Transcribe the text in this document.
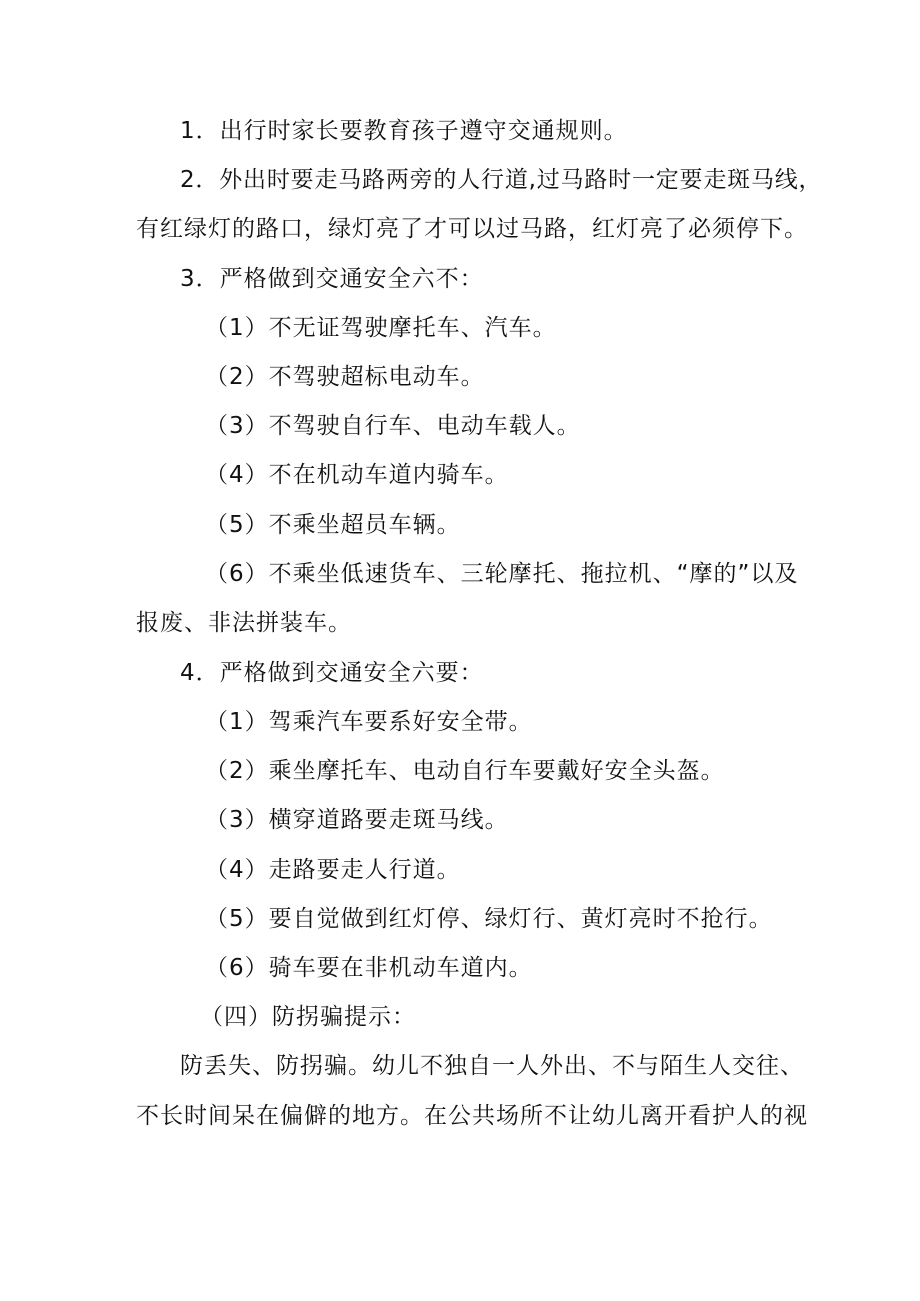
1．出行时家长要教育孩子遵守交通规则。
2．外出时要走马路两旁的人行道,过马路时一定要走斑马线，
有红绿灯的路口，绿灯亮了才可以过马路，红灯亮了必须停下。
3．严格做到交通安全六不：
（1）不无证驾驶摩托车、汽车。
（2）不驾驶超标电动车。
（3）不驾驶自行车、电动车载人。
（4）不在机动车道内骑车。
（5）不乘坐超员车辆。
（6）不乘坐低速货车、三轮摩托、拖拉机、“摩的”以及
报废、非法拼装车。
4．严格做到交通安全六要：
（1）驾乘汽车要系好安全带。
（2）乘坐摩托车、电动自行车要戴好安全头盔。
（3）横穿道路要走斑马线。
（4）走路要走人行道。
（5）要自觉做到红灯停、绿灯行、黄灯亮时不抢行。
（6）骑车要在非机动车道内。
（四）防拐骗提示：
防丢失、防拐骗。幼儿不独自一人外出、不与陌生人交往、
不长时间呆在偏僻的地方。在公共场所不让幼儿离开看护人的视
